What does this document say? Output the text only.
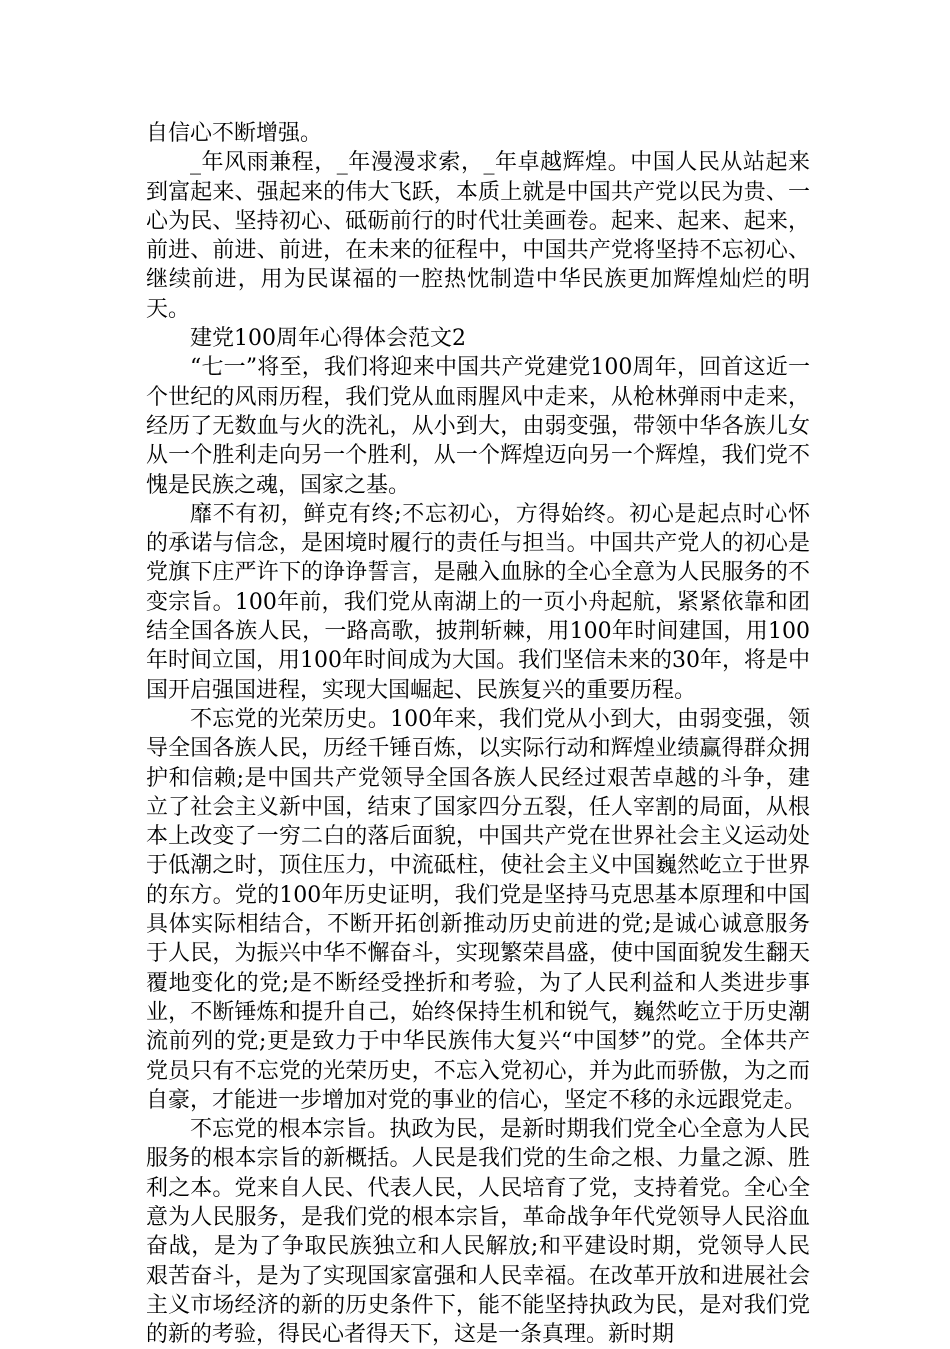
自信心不断增强。

_年风雨兼程，_年漫漫求索，_年卓越辉煌。中国人民从站起来到富起来、强起来的伟大飞跃，本质上就是中国共产党以民为贵、一心为民、坚持初心、砥砺前行的时代壮美画卷。起来、起来、起来，前进、前进、前进，在未来的征程中，中国共产党将坚持不忘初心、继续前进，用为民谋福的一腔热忱制造中华民族更加辉煌灿烂的明天。

建党100周年心得体会范文2

“七一”将至，我们将迎来中国共产党建党100周年，回首这近一个世纪的风雨历程，我们党从血雨腥风中走来，从枪林弹雨中走来，经历了无数血与火的洗礼，从小到大，由弱变强，带领中华各族儿女从一个胜利走向另一个胜利，从一个辉煌迈向另一个辉煌，我们党不愧是民族之魂，国家之基。

靡不有初，鲜克有终;不忘初心，方得始终。初心是起点时心怀的承诺与信念，是困境时履行的责任与担当。中国共产党人的初心是党旗下庄严许下的诤诤誓言，是融入血脉的全心全意为人民服务的不变宗旨。100年前，我们党从南湖上的一页小舟起航，紧紧依靠和团结全国各族人民，一路高歌，披荆斩棘，用100年时间建国，用100年时间立国，用100年时间成为大国。我们坚信未来的30年，将是中国开启强国进程，实现大国崛起、民族复兴的重要历程。

不忘党的光荣历史。100年来，我们党从小到大，由弱变强，领导全国各族人民，历经千锤百炼，以实际行动和辉煌业绩赢得群众拥护和信赖;是中国共产党领导全国各族人民经过艰苦卓越的斗争，建立了社会主义新中国，结束了国家四分五裂，任人宰割的局面，从根本上改变了一穷二白的落后面貌，中国共产党在世界社会主义运动处于低潮之时，顶住压力，中流砥柱，使社会主义中国巍然屹立于世界的东方。党的100年历史证明，我们党是坚持马克思基本原理和中国具体实际相结合，不断开拓创新推动历史前进的党;是诚心诚意服务于人民，为振兴中华不懈奋斗，实现繁荣昌盛，使中国面貌发生翻天覆地变化的党;是不断经受挫折和考验，为了人民利益和人类进步事业，不断锤炼和提升自己，始终保持生机和锐气，巍然屹立于历史潮流前列的党;更是致力于中华民族伟大复兴“中国梦”的党。全体共产党员只有不忘党的光荣历史，不忘入党初心，并为此而骄傲，为之而自豪，才能进一步增加对党的事业的信心，坚定不移的永远跟党走。

不忘党的根本宗旨。执政为民，是新时期我们党全心全意为人民服务的根本宗旨的新概括。人民是我们党的生命之根、力量之源、胜利之本。党来自人民、代表人民，人民培育了党，支持着党。全心全意为人民服务，是我们党的根本宗旨，革命战争年代党领导人民浴血奋战，是为了争取民族独立和人民解放;和平建设时期，党领导人民艰苦奋斗，是为了实现国家富强和人民幸福。在改革开放和进展社会主义市场经济的新的历史条件下，能不能坚持执政为民，是对我们党的新的考验，得民心者得天下，这是一条真理。新时期
